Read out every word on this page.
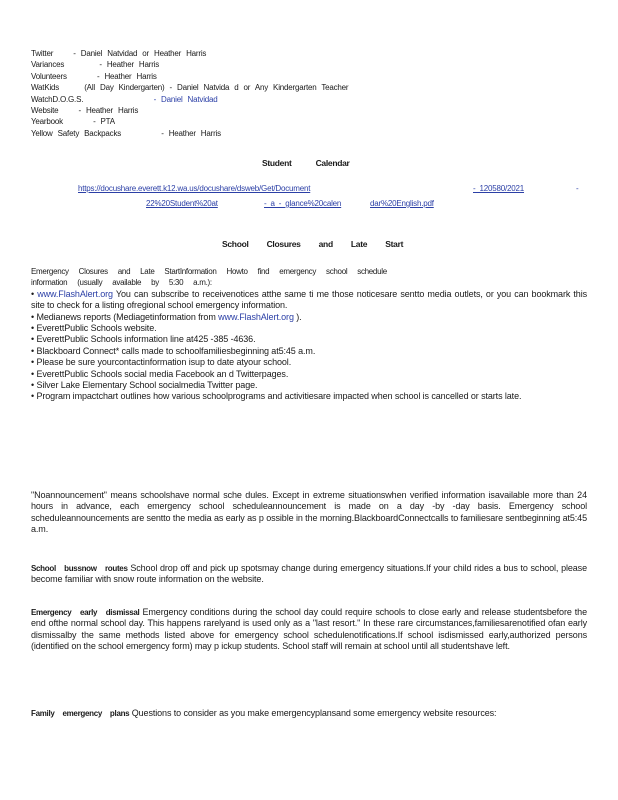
Twitter	- Daniel Natvidad or Heather Harris
Variances	- Heather Harris
Volunteers	- Heather Harris
WatKids	(All Day Kindergarten) - Daniel Natvida d or Any Kindergarten Teacher
WatchD.O.G.S.	- Daniel Natvidad
Website	- Heather Harris
Yearbook	- PTA
Yellow Safety Backpacks	- Heather Harris
Student Calendar
https://docushare.everett.k12.wa.us/docushare/dsweb/Get/Document	- 120580/2021	-
22%20Student%20at	- a - glance%20calen	dar%20English.pdf
School Closures and Late Start

Emergency Closures and Late StartInformation Howto find emergency school schedule

information (usually available by 5:30 a.m.):

• www.FlashAlert.org You can subscribe to receivenotices atthe same ti me those noticesare sentto media outlets, or you can bookmark this site to check for a listing ofregional school emergency information.

• Medianews reports (Mediagetinformation from www.FlashAlert.org ).

• EverettPublic Schools website.

• EverettPublic Schools information line at425 -385 -4636.

• Blackboard Connect* calls made to schoolfamiliesbeginning at5:45 a.m.

• Please be sure yourcontactinformation isup to date atyour school.

• EverettPublic Schools social media Facebook an d Twitterpages.

• Silver Lake Elementary School socialmedia Twitter page.

• Program impactchart outlines how various schoolprograms and activitiesare impacted when school is cancelled or starts late.

"Noannouncement" means schoolshave normal sche dules. Except in extreme situationswhen verified information isavailable more than 24 hours in advance, each emergency school scheduleannouncement is made on a day -by -day basis. Emergency school scheduleannouncements are sentto the media as early as p ossible in the morning.BlackboardConnectcalls to familiesare sentbeginning at5:45 a.m.
School bussnow routes School drop off and pick up spotsmay change during emergency situations.If your child rides a bus to school, please become familiar with snow route information on the website.
Emergency early dismissal Emergency conditions during the school day could require schools to close early and release studentsbefore the end ofthe normal school day. This happens rarelyand is used only as a "last resort." In these rare circumstances,familiesarenotified ofan early dismissalby the same methods listed above for emergency school schedulenotifications.If school isdismissed early,authorized persons (identified on the school emergency form) may p ickup students. School staff will remain at school until all studentshave left.
Family emergency plans Questions to consider as you make emergencyplansand some emergency website resources:
